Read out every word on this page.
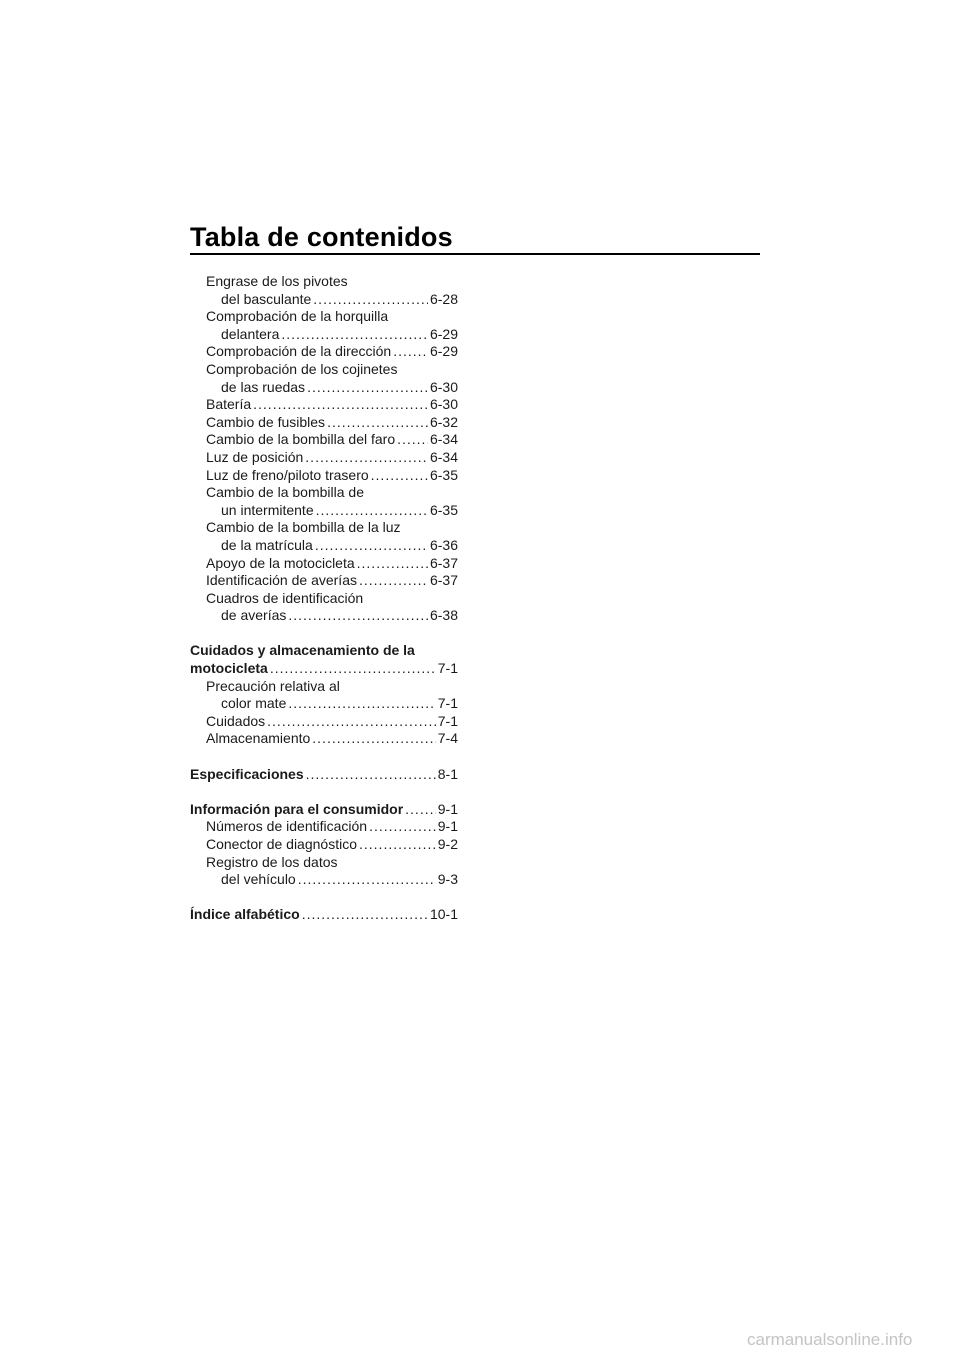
Tabla de contenidos
Engrase de los pivotes
del basculante .....	6-28
Comprobación de la horquilla
delantera .....	6-29
Comprobación de la dirección .....	6-29
Comprobación de los cojinetes
de las ruedas .....	6-30
Batería .....	6-30
Cambio de fusibles .....	6-32
Cambio de la bombilla del faro ..... 6-34
Luz de posición .....	6-34
Luz de freno/piloto trasero .....	6-35
Cambio de la bombilla de
un intermitente .....	6-35
Cambio de la bombilla de la luz
de la matrícula .....	6-36
Apoyo de la motocicleta .....	6-37
Identificación de averías .....	6-37
Cuadros de identificación
de averías .....	6-38
Cuidados y almacenamiento de la
motocicleta .....	7-1
Precaución relativa al
color mate .....	7-1
Cuidados .....	7-1
Almacenamiento .....	7-4
Especificaciones .....	8-1
Información para el consumidor ..... 9-1
Números de identificación .....	9-1
Conector de diagnóstico .....	9-2
Registro de los datos
del vehículo .....	9-3
Índice alfabético .....	10-1
carmanualsonline.info
